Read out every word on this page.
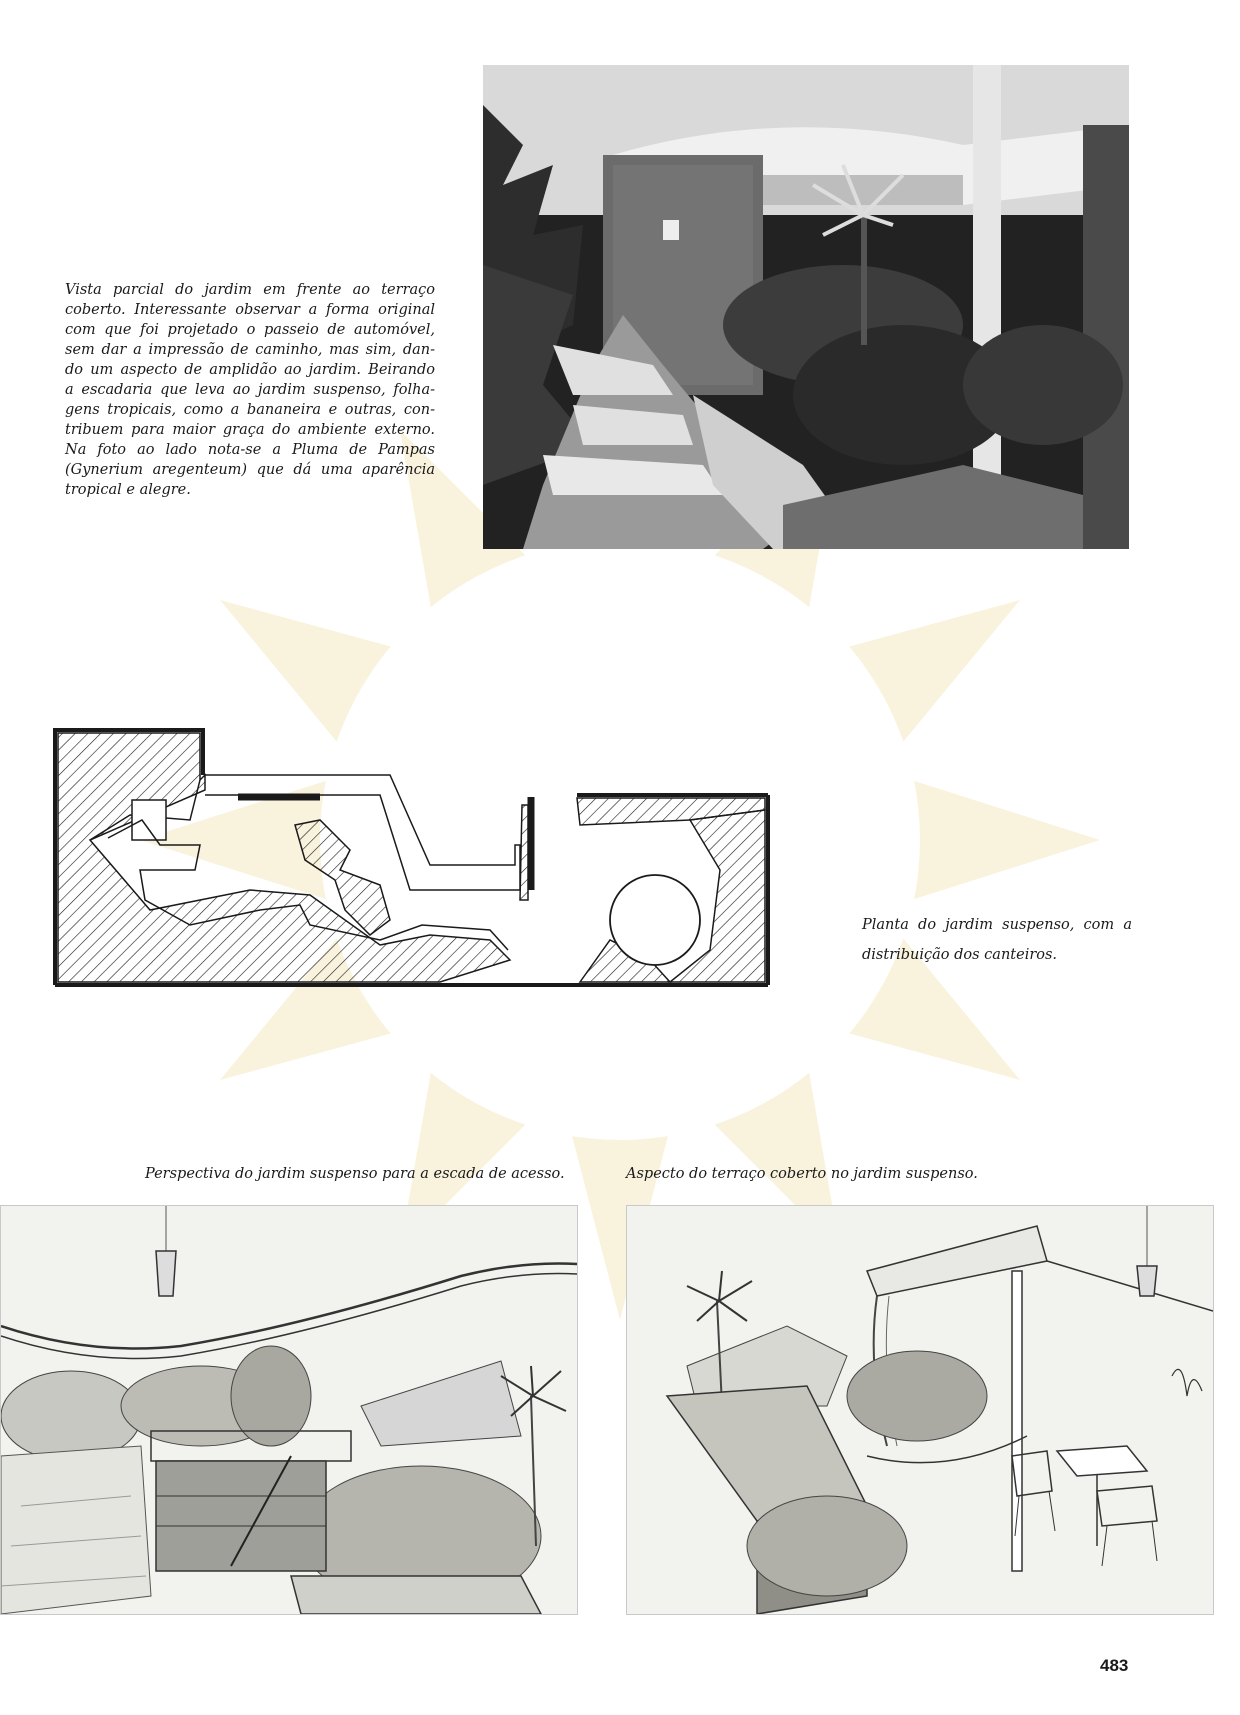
Vista parcial do jardim em frente ao terraço
coberto. Interessante observar a forma original
com que foi projetado o passeio de automóvel,
sem dar a impressão de caminho, mas sim, dan-
do um aspecto de amplidão ao jardim. Beirando
a escadaria que leva ao jardim suspenso, folha-
gens tropicais, como a bananeira e outras, con-
tribuem para maior graça do ambiente externo.
Na foto ao lado nota-se a Pluma de Pampas
(Gynerium aregenteum) que dá uma aparência
tropical e alegre.
Planta do jardim suspenso, com a
distribuição dos canteiros.
Perspectiva do jardim suspenso para a escada de acesso.	Aspecto do terraço coberto no jardim suspenso.
483
